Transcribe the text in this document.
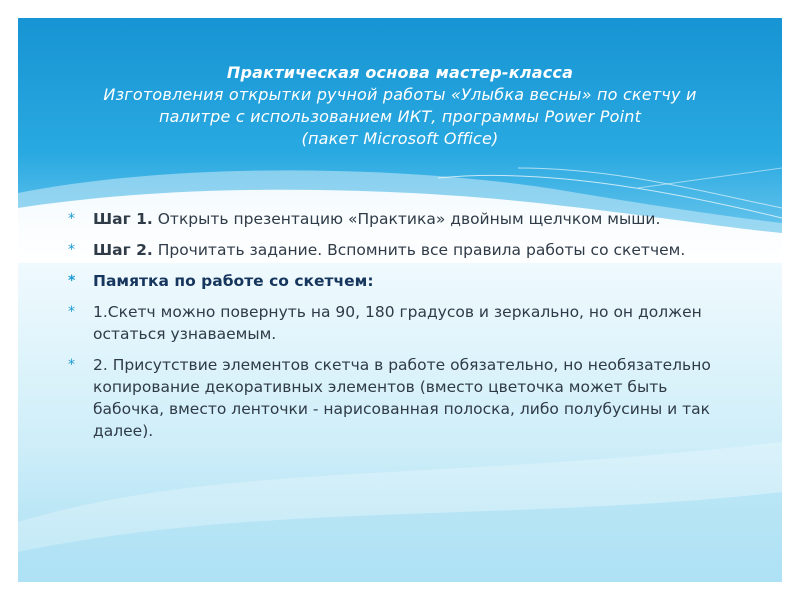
Практическая основа мастер-класса
Изготовления открытки ручной работы «Улыбка весны» по скетчу и
палитре с использованием ИКТ, программы Power Point
(пакет Microsoft Office)
* Шаг 1. Открыть презентацию «Практика» двойным щелчком мыши.
* Шаг 2. Прочитать задание. Вспомнить все правила работы со скетчем.
* Памятка по работе со скетчем:
* 1.Скетч можно повернуть на 90, 180 градусов и зеркально, но он должен остаться узнаваемым.
* 2. Присутствие элементов скетча в работе обязательно, но необязательно копирование декоративных элементов (вместо цветочка может быть бабочка, вместо ленточки - нарисованная полоска, либо полубусины и так далее).
